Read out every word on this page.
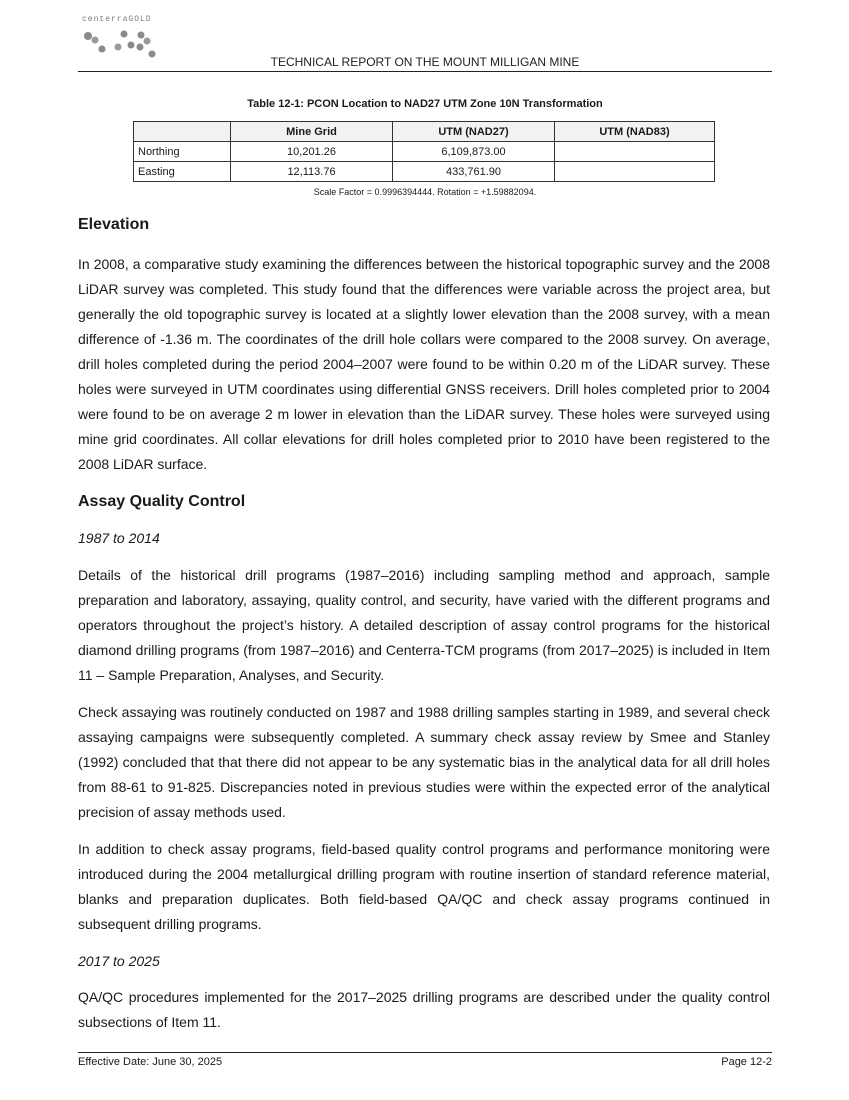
centerraGOLD
TECHNICAL REPORT ON THE MOUNT MILLIGAN MINE
Table 12-1: PCON Location to NAD27 UTM Zone 10N Transformation
	Mine Grid	UTM (NAD27)	UTM (NAD83)
Northing	10,201.26	6,109,873.00	
Easting	12,113.76	433,761.90	
Scale Factor = 0.9996394444. Rotation = +1.59882094.
Elevation

In 2008, a comparative study examining the differences between the historical topographic survey and the 2008 LiDAR survey was completed. This study found that the differences were variable across the project area, but generally the old topographic survey is located at a slightly lower elevation than the 2008 survey, with a mean difference of -1.36 m. The coordinates of the drill hole collars were compared to the 2008 survey. On average, drill holes completed during the period 2004–2007 were found to be within 0.20 m of the LiDAR survey. These holes were surveyed in UTM coordinates using differential GNSS receivers. Drill holes completed prior to 2004 were found to be on average 2 m lower in elevation than the LiDAR survey. These holes were surveyed using mine grid coordinates. All collar elevations for drill holes completed prior to 2010 have been registered to the 2008 LiDAR surface.

Assay Quality Control
1987 to 2014

Details of the historical drill programs (1987–2016) including sampling method and approach, sample preparation and laboratory, assaying, quality control, and security, have varied with the different programs and operators throughout the project’s history. A detailed description of assay control programs for the historical diamond drilling programs (from 1987–2016) and Centerra-TCM programs (from 2017–2025) is included in Item 11 – Sample Preparation, Analyses, and Security.

Check assaying was routinely conducted on 1987 and 1988 drilling samples starting in 1989, and several check assaying campaigns were subsequently completed. A summary check assay review by Smee and Stanley (1992) concluded that that there did not appear to be any systematic bias in the analytical data for all drill holes from 88-61 to 91-825. Discrepancies noted in previous studies were within the expected error of the analytical precision of assay methods used.

In addition to check assay programs, field-based quality control programs and performance monitoring were introduced during the 2004 metallurgical drilling program with routine insertion of standard reference material, blanks and preparation duplicates. Both field-based QA/QC and check assay programs continued in subsequent drilling programs.

2017 to 2025

QA/QC procedures implemented for the 2017–2025 drilling programs are described under the quality control subsections of Item 11.

Effective Date: June 30, 2025	Page 12-2
